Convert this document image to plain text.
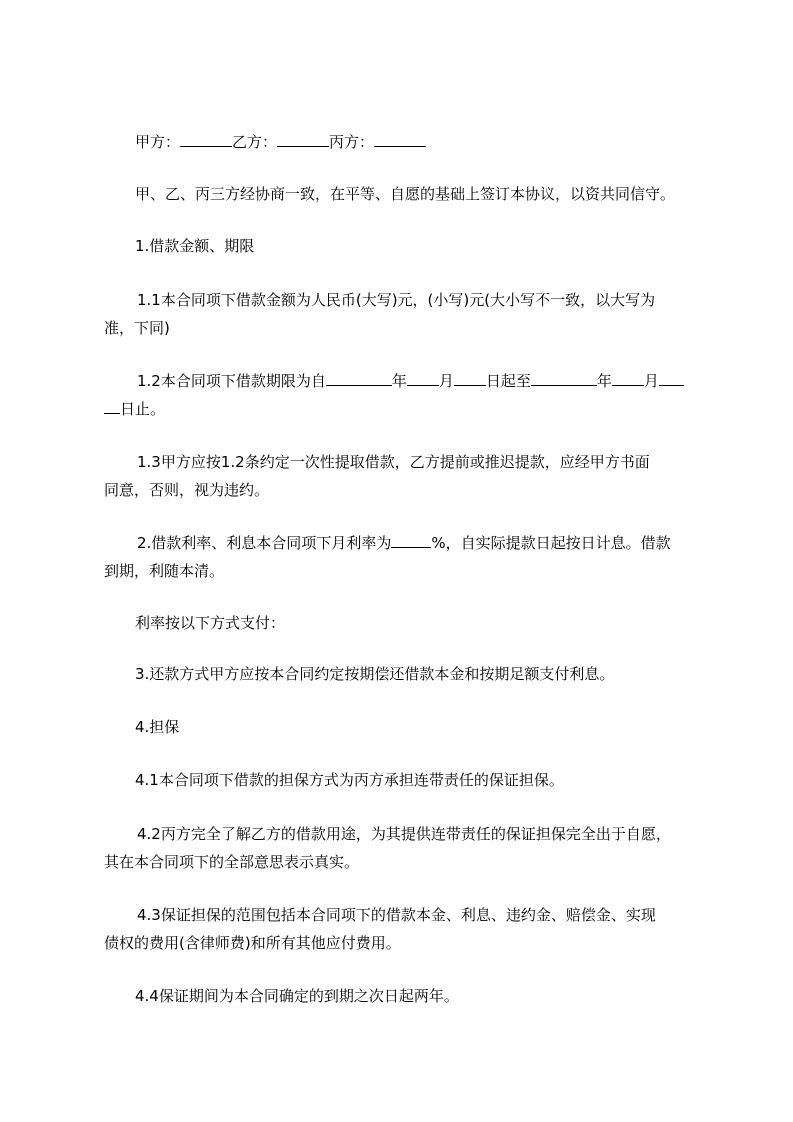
甲方：	乙方：	丙方：
甲、乙、丙三方经协商一致，在平等、自愿的基础上签订本协议，以资共同信守。
1.借款金额、期限
1.1本合同项下借款金额为人民币(大写)元，(小写)元(大小写不一致，以大写为
准，下同)
1.2本合同项下借款期限为自	年 月 日起至	年 月
日止。
1.3甲方应按1.2条约定一次性提取借款，乙方提前或推迟提款，应经甲方书面
同意，否则，视为违约。
2.借款利率、利息本合同项下月利率为	%，自实际提款日起按日计息。借款
到期，利随本清。
利率按以下方式支付：
3.还款方式甲方应按本合同约定按期偿还借款本金和按期足额支付利息。
4.担保
4.1本合同项下借款的担保方式为丙方承担连带责任的保证担保。
4.2丙方完全了解乙方的借款用途，为其提供连带责任的保证担保完全出于自愿，
其在本合同项下的全部意思表示真实。
4.3保证担保的范围包括本合同项下的借款本金、利息、违约金、赔偿金、实现
债权的费用(含律师费)和所有其他应付费用。
4.4保证期间为本合同确定的到期之次日起两年。
